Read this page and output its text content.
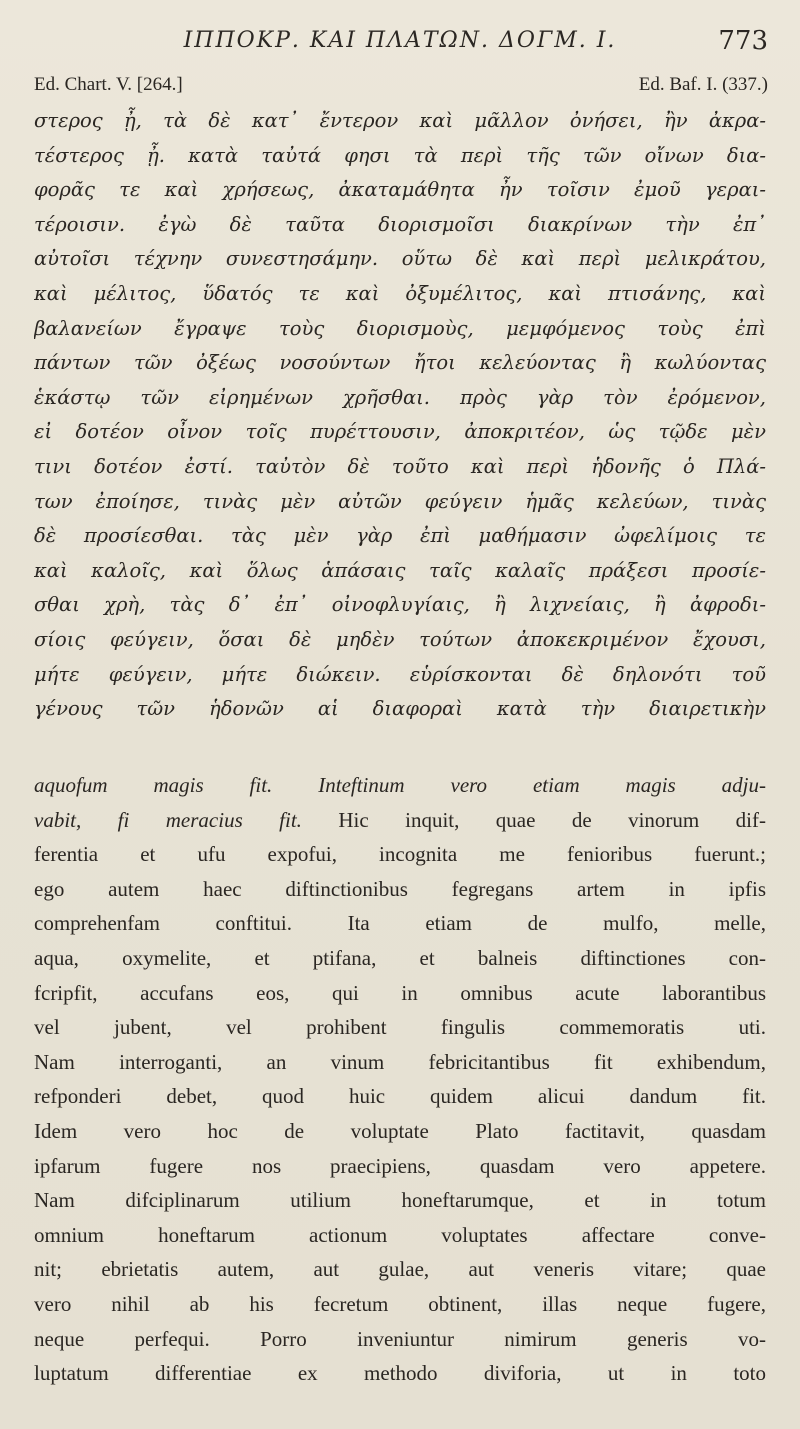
ΙΠΠΟΚΡ. ΚΑΙ ΠΛΑΤΩΝ. ΔΟΓΜ. Ι.	773
Ed. Chart. V. [264.]	Ed. Baf. I. (337.)
στερος ᾖ, τὰ δὲ κατ᾽ ἔντερον καὶ μᾶλλον ὀνήσει, ἢν ἀκρα-
τέστερος ᾖ. κατὰ ταὐτά φησι τὰ περὶ τῆς τῶν οἴνων δια-
φορᾶς τε καὶ χρήσεως, ἀκαταμάθητα ἦν τοῖσιν ἐμοῦ γεραι-
τέροισιν. ἐγὼ δὲ ταῦτα διορισμοῖσι διακρίνων τὴν ἐπ᾽
αὐτοῖσι τέχνην συνεστησάμην. οὕτω δὲ καὶ περὶ μελικράτου,
καὶ μέλιτος, ὕδατός τε καὶ ὀξυμέλιτος, καὶ πτισάνης, καὶ
βαλανείων ἔγραψε τοὺς διορισμοὺς, μεμφόμενος τοὺς ἐπὶ
πάντων τῶν ὀξέως νοσούντων ἤτοι κελεύοντας ἢ κωλύοντας
ἑκάστῳ τῶν εἰρημένων χρῆσθαι. πρὸς γὰρ τὸν ἐρόμενον,
εἰ δοτέον οἶνον τοῖς πυρέττουσιν, ἀποκριτέον, ὡς τῷδε μὲν
τινι δοτέον ἐστί. ταὐτὸν δὲ τοῦτο καὶ περὶ ἡδονῆς ὁ Πλά-
των ἐποίησε, τινὰς μὲν αὐτῶν φεύγειν ἡμᾶς κελεύων, τινὰς
δὲ προσίεσθαι. τὰς μὲν γὰρ ἐπὶ μαθήμασιν ὠφελίμοις τε
καὶ καλοῖς, καὶ ὅλως ἁπάσαις ταῖς καλαῖς πράξεσι προσίε-
σθαι χρὴ, τὰς δ᾽ ἐπ᾽ οἰνοφλυγίαις, ἢ λιχνείαις, ἢ ἀφροδι-
σίοις φεύγειν, ὅσαι δὲ μηδὲν τούτων ἀποκεκριμένον ἔχουσι,
μήτε φεύγειν, μήτε διώκειν. εὑρίσκονται δὲ δηλονότι τοῦ
γένους τῶν ἡδονῶν αἱ διαφοραὶ κατὰ τὴν διαιρετικὴν
aquofum magis fit. Inteftinum vero etiam magis adju-
vabit, fi meracius fit. Hic inquit, quae de vinorum dif-
ferentia et ufu expofui, incognita me fenioribus fuerunt.;
ego autem haec diftinctionibus fegregans artem in ipfis
comprehenfam conftitui. Ita etiam de mulfo, melle,
aqua, oxymelite, et ptifana, et balneis diftinctiones con-
fcripfit, accufans eos, qui in omnibus acute laborantibus
vel jubent, vel prohibent fingulis commemoratis uti.
Nam interroganti, an vinum febricitantibus fit exhibendum,
refponderi debet, quod huic quidem alicui dandum fit.
Idem vero hoc de voluptate Plato factitavit, quasdam
ipfarum fugere nos praecipiens, quasdam vero appetere.
Nam difciplinarum utilium honeftarumque, et in totum
omnium honeftarum actionum voluptates affectare conve-
nit; ebrietatis autem, aut gulae, aut veneris vitare; quae
vero nihil ab his fecretum obtinent, illas neque fugere,
neque perfequi. Porro inveniuntur nimirum generis vo-
luptatum differentiae ex methodo diviforia, ut in toto
